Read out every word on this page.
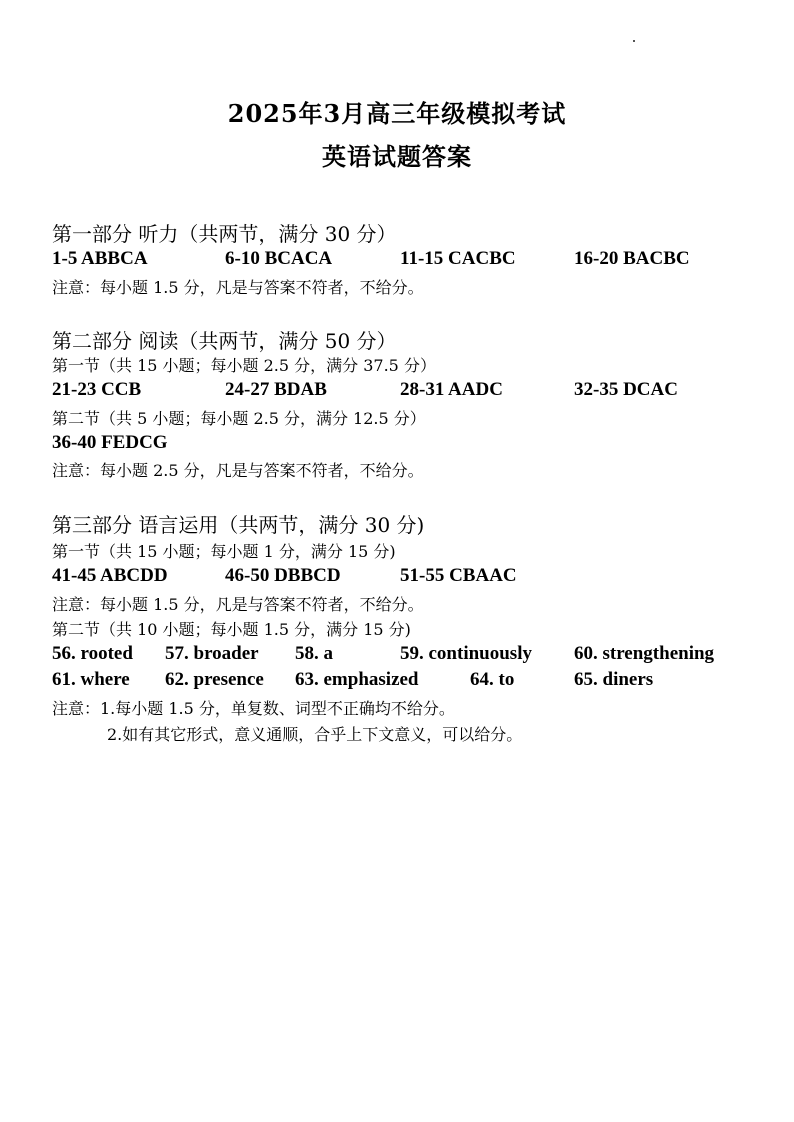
2025年3月高三年级模拟考试
英语试题答案
第一部分 听力（共两节，满分 30 分）
1-5 ABBCA	6-10 BCACA	11-15 CACBC	16-20 BACBC
注意：每小题 1.5 分，凡是与答案不符者，不给分。
第二部分 阅读（共两节，满分 50 分）
第一节（共 15 小题；每小题 2.5 分，满分 37.5 分）
21-23 CCB	24-27 BDAB	28-31 AADC	32-35 DCAC
第二节（共 5 小题；每小题 2.5 分，满分 12.5 分）
36-40 FEDCG
注意：每小题 2.5 分，凡是与答案不符者，不给分。
第三部分 语言运用（共两节，满分 30 分)
第一节（共 15 小题；每小题 1 分，满分 15 分)
41-45 ABCDD	46-50 DBBCD	51-55 CBAAC
注意：每小题 1.5 分，凡是与答案不符者，不给分。
第二节（共 10 小题；每小题 1.5 分，满分 15 分)
56. rooted 57. broader 58. a	59. continuously 60. strengthening
61. where 62. presence 63. emphasized	64. to	65. diners
注意：1.每小题 1.5 分，单复数、词型不正确均不给分。
2.如有其它形式，意义通顺，合乎上下文意义，可以给分。
